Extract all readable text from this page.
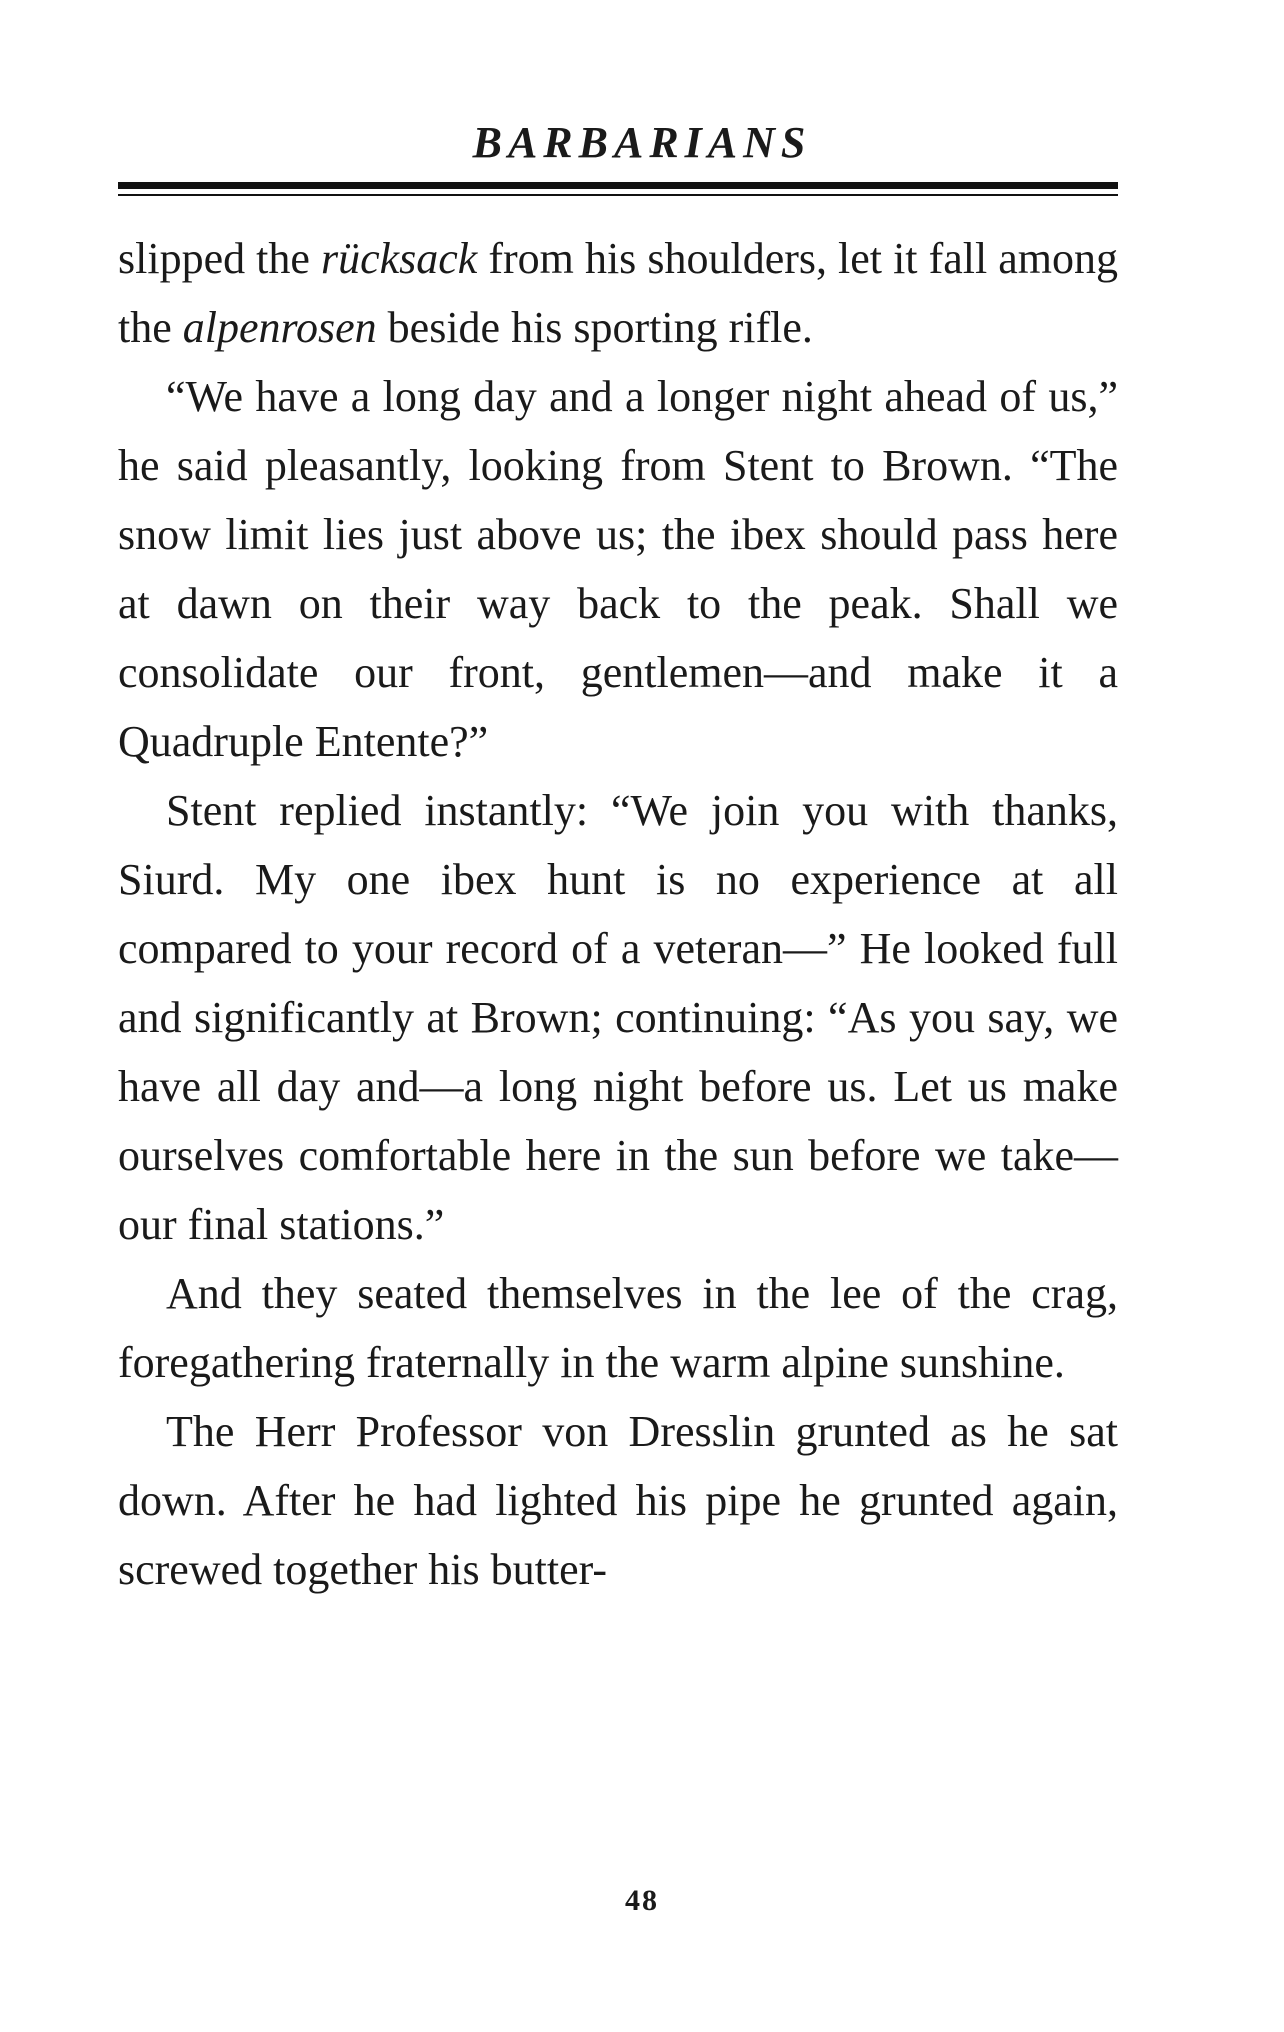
BARBARIANS

slipped the rücksack from his shoulders, let it fall among the alpenrosen beside his sporting rifle.

“We have a long day and a longer night ahead of us,” he said pleasantly, looking from Stent to Brown. “The snow limit lies just above us; the ibex should pass here at dawn on their way back to the peak. Shall we consolidate our front, gentlemen—and make it a Quadruple Entente?”

Stent replied instantly: “We join you with thanks, Siurd. My one ibex hunt is no experience at all compared to your record of a veteran—” He looked full and significantly at Brown; continuing: “As you say, we have all day and—a long night before us. Let us make ourselves comfortable here in the sun before we take—our final stations.”

And they seated themselves in the lee of the crag, foregathering fraternally in the warm alpine sunshine.

The Herr Professor von Dresslin grunted as he sat down. After he had lighted his pipe he grunted again, screwed together his butter-

48
